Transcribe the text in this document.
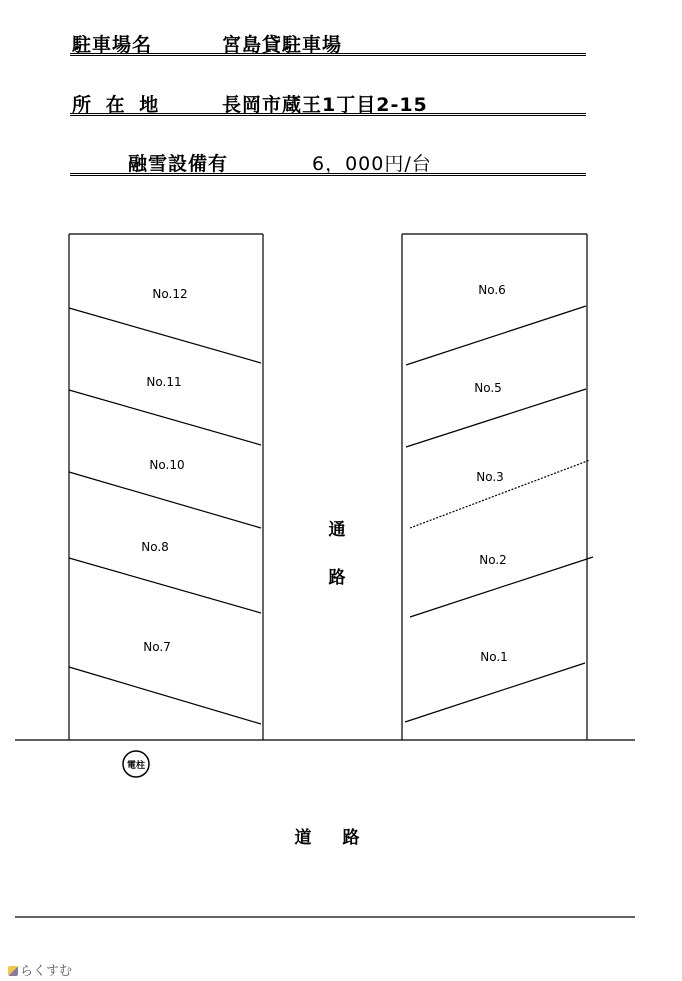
駐車場名	宮島貸駐車場
所 在 地	長岡市蔵王1丁目2-15
融雪設備有	6，000円/台
電柱
通
路
道 路
No.12
No.11
No.10
No.8
No.7
No.6
No.5
No.3
No.2
No.1
らくすむ
